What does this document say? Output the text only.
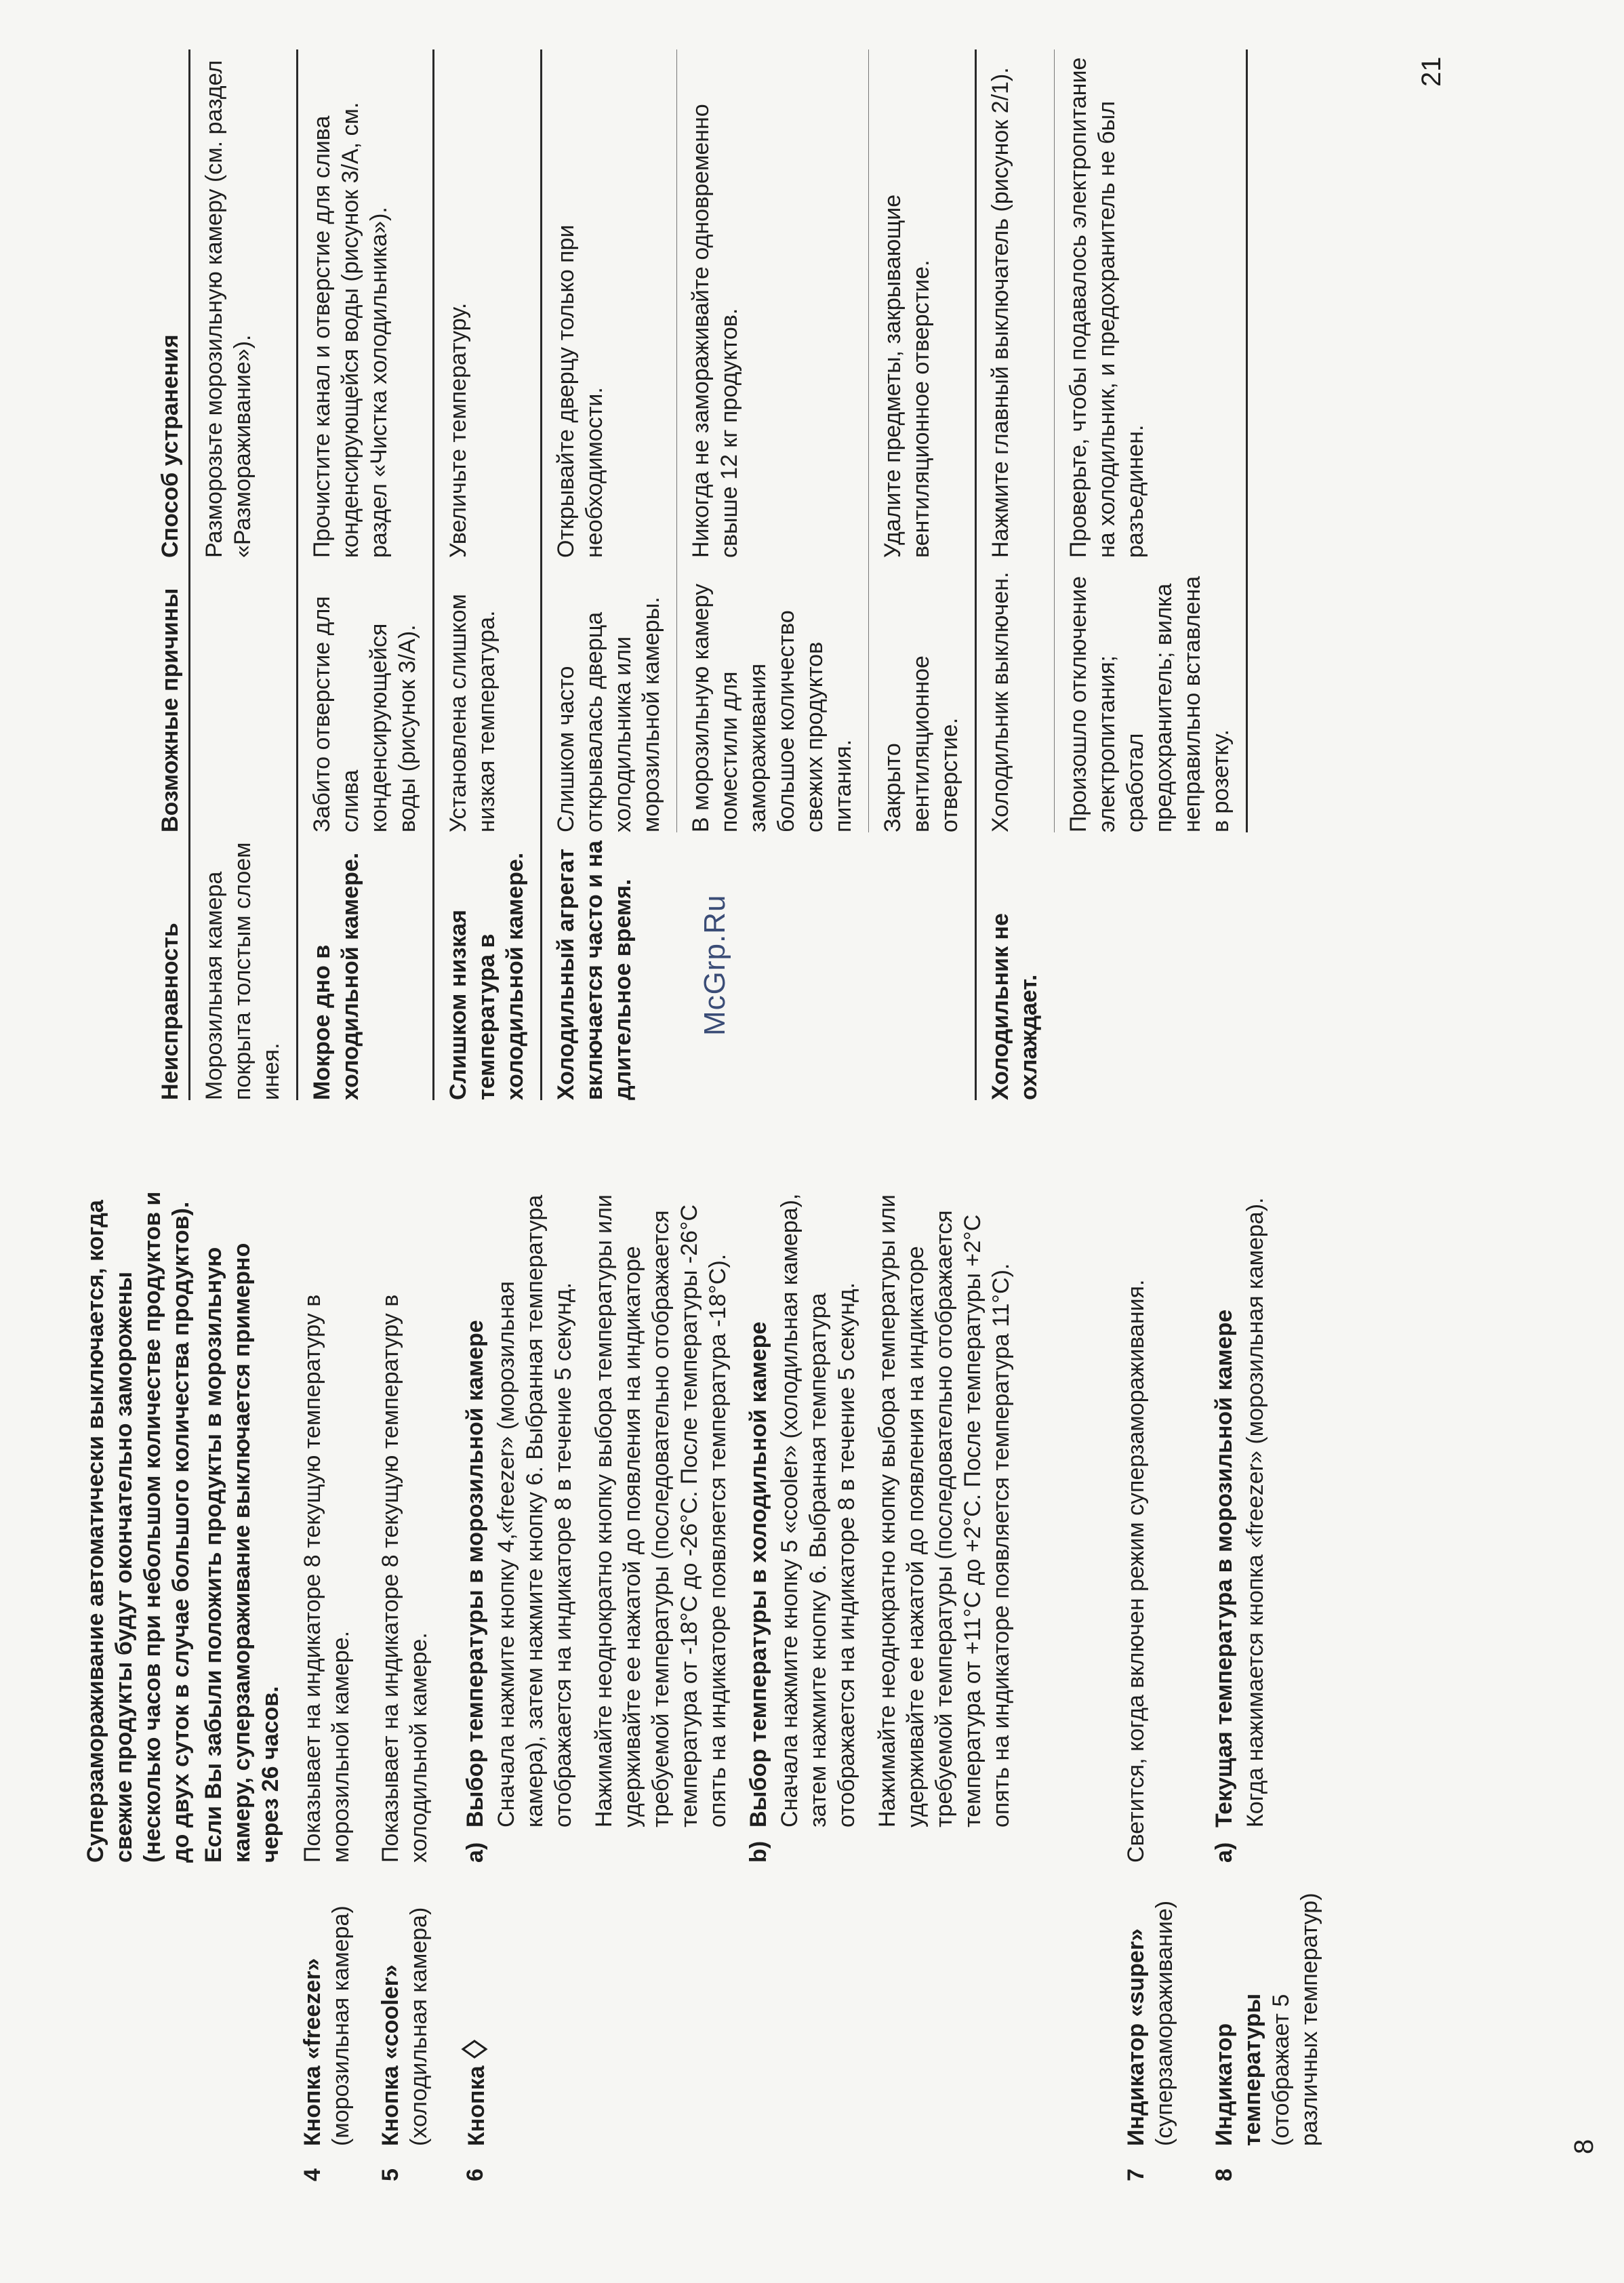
Суперзамораживание автоматически выключается, когда свежие продукты будут окончательно заморожены (несколько часов при небольшом количестве продуктов и до двух суток в случае большого количества продуктов). Если Вы забыли положить продукты в морозильную камеру, суперзамораживание выключается примерно через 26 часов.

4
Кнопка «freezer» (морозильная камера)
Показывает на индикаторе 8 текущую температуру в морозильной камере.
5
Кнопка «cooler» (холодильная камера)
Показывает на индикаторе 8 текущую температуру в холодильной камере.
6
Кнопка
a)Выбор температуры в морозильной камере Сначала нажмите кнопку 4,«freezer» (морозильная камера), затем нажмите кнопку 6. Выбранная температура отображается на индикаторе 8 в течение 5 секунд. Нажимайте неоднократно кнопку выбора температуры или удерживайте ее нажатой до появления на индикаторе требуемой температуры (последовательно отображается температура от -18°С до -26°С. После температуры -26°С опять на индикаторе появляется температура -18°С).
b)Выбор температуры в холодильной камере Сначала нажмите кнопку 5 «cooler» (холодильная камера), затем нажмите кнопку 6. Выбранная температура отображается на индикаторе 8 в течение 5 секунд. Нажимайте неоднократно кнопку выбора температуры или удерживайте ее нажатой до появления на индикаторе требуемой температуры (последовательно отображается температура от +11°С до +2°С. После температуры +2°С опять на индикаторе появляется температура 11°С).
7
Индикатор «super» (суперзамораживание)
Светится, когда включен режим суперзамораживания.
8
Индикатор температуры (отображает 5 различных температур)
a)Текущая температура в морозильной камере Когда нажимается кнопка «freezer» (морозильная камера).
8
McGrp.Ru
Неисправность
Возможные причины
Способ устранения
Морозильная камера покрыта толстым слоем инея.
Разморозьте морозильную камеру (см. раздел «Размораживание»).
Мокрое дно в холодильной камере.
Забито отверстие для слива конденсирующейся воды (рисунок 3/А).
Прочистите канал и отверстие для слива конденсирующейся воды (рисунок 3/А, см. раздел «Чистка холодильника»).
Слишком низкая температура в холодильной камере.
Установлена слишком низкая температура.
Увеличьте температуру.
Холодильный агрегат включается часто и на длительное время.
Слишком часто открывалась дверца холодильника или морозильной камеры.
Открывайте дверцу только при необходимости.
В морозильную камеру поместили для замораживания большое количество свежих продуктов питания.
Никогда не замораживайте одновременно свыше 12 кг продуктов.
Закрыто вентиляционное отверстие.
Удалите предметы, закрывающие вентиляционное отверстие.
Холодильник не охлаждает.
Холодильник выключен.
Нажмите главный выключатель (рисунок 2/1).
Произошло отключение электропитания; сработал предохранитель; вилка неправильно вставлена в розетку.
Проверьте, чтобы подавалось электропитание на холодильник, и предохранитель не был разъединен.
21
